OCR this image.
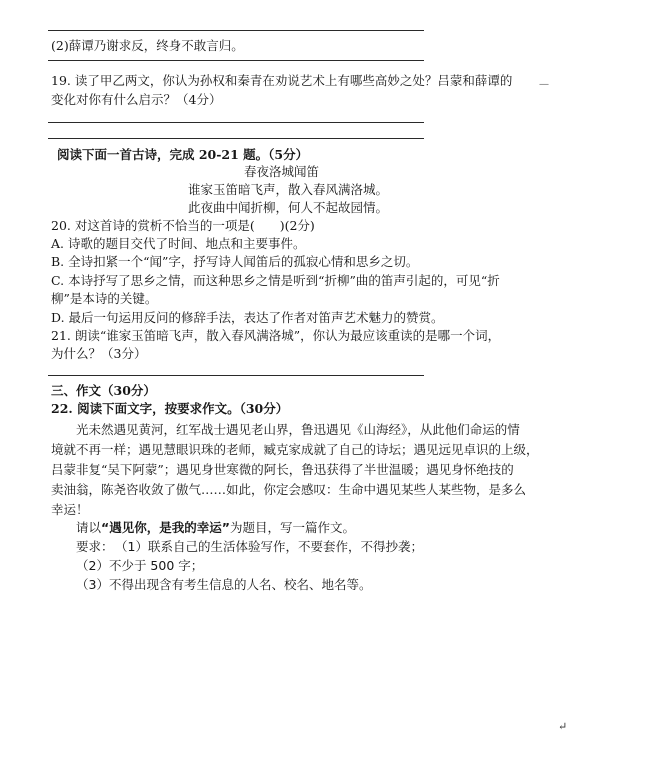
(2)薛谭乃谢求反，终身不敢言归。
19. 读了甲乙两文，你认为孙权和秦青在劝说艺术上有哪些高妙之处？吕蒙和薛谭的	—
变化对你有什么启示？（4分）
阅读下面一首古诗，完成 20-21 题。（5分）
春夜洛城闻笛
谁家玉笛暗飞声，散入春风满洛城。
此夜曲中闻折柳，何人不起故园情。
20. 对这首诗的赏析不恰当的一项是(　　)(2分)
A. 诗歌的题目交代了时间、地点和主要事件。
B. 全诗扣紧一个“闻”字，抒写诗人闻笛后的孤寂心情和思乡之切。
C. 本诗抒写了思乡之情，而这种思乡之情是听到“折柳”曲的笛声引起的，可见“折
柳”是本诗的关键。
D. 最后一句运用反问的修辞手法，表达了作者对笛声艺术魅力的赞赏。
21. 朗读“谁家玉笛暗飞声，散入春风满洛城”，你认为最应该重读的是哪一个词，
为什么？（3分）
三、作文（30分）
22. 阅读下面文字，按要求作文。（30分）
光未然遇见黄河，红军战士遇见老山界，鲁迅遇见《山海经》，从此他们命运的情
境就不再一样；遇见慧眼识珠的老师，臧克家成就了自己的诗坛；遇见远见卓识的上级，
吕蒙非复“吴下阿蒙”；遇见身世寒微的阿长，鲁迅获得了半世温暖；遇见身怀绝技的
卖油翁，陈尧咨收敛了傲气……如此，你定会感叹：生命中遇见某些人某些物，是多么
幸运！
请以“遇见你，是我的幸运”为题目，写一篇作文。
要求： （1）联系自己的生活体验写作，不要套作，不得抄袭；
（2）不少于 500 字；
（3）不得出现含有考生信息的人名、校名、地名等。
↵
